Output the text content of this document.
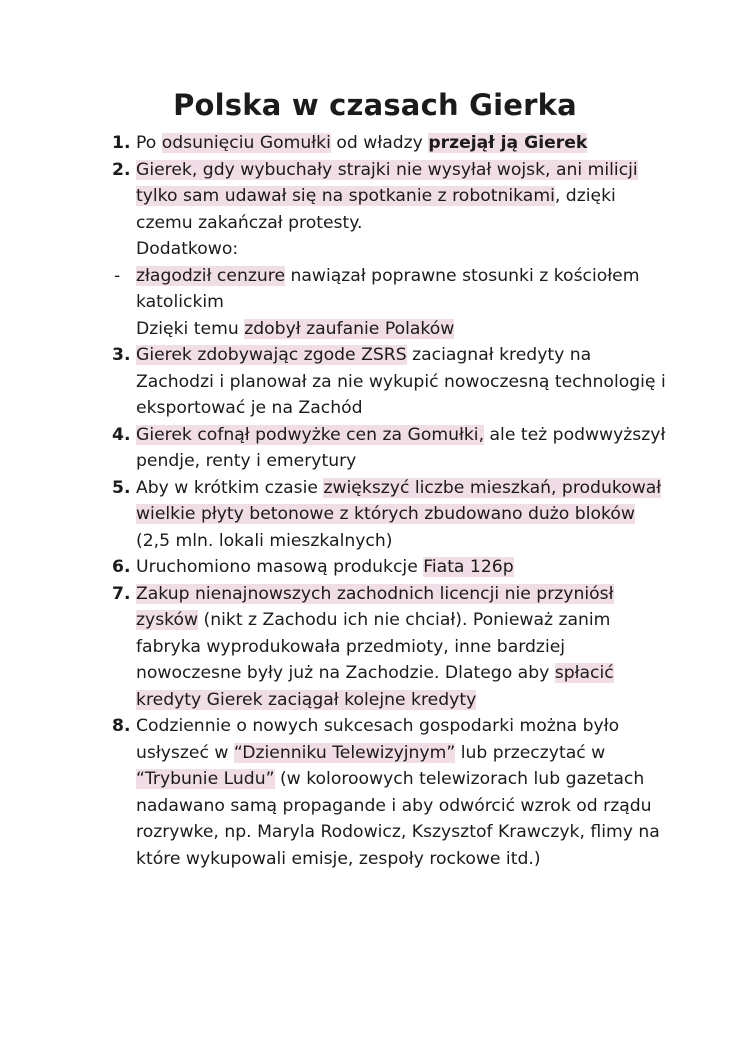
Polska w czasach Gierka
1. Po odsunięciu Gomułki od władzy przejął ją Gierek
2. Gierek, gdy wybuchały strajki nie wysyłał wojsk, ani milicji tylko sam udawał się na spotkanie z robotnikami, dzięki czemu zakańczał protesty.
Dodatkowo:
- złagodził cenzure nawiązał poprawne stosunki z kościołem katolickim
Dzięki temu zdobył zaufanie Polaków
3. Gierek zdobywając zgode ZSRS zaciagnał kredyty na Zachodzi i planował za nie wykupić nowoczesną technologię i eksportować je na Zachód
4. Gierek cofnął podwyżke cen za Gomułki, ale też podwwyższył pendje, renty i emerytury
5. Aby w krótkim czasie zwiększyć liczbe mieszkań, produkował wielkie płyty betonowe z których zbudowano dużo bloków (2,5 mln. lokali mieszkalnych)
6. Uruchomiono masową produkcje Fiata 126p
7. Zakup nienajnowszych zachodnich licencji nie przyniósł zysków (nikt z Zachodu ich nie chciał). Ponieważ zanim fabryka wyprodukowała przedmioty, inne bardziej nowoczesne były już na Zachodzie. Dlatego aby spłacić kredyty Gierek zaciągał kolejne kredyty
8. Codziennie o nowych sukcesach gospodarki można było usłyszeć w “Dzienniku Telewizyjnym” lub przeczytać w “Trybunie Ludu” (w koloroowych telewizorach lub gazetach nadawano samą propagande i aby odwórcić wzrok od rządu rozrywke, np. Maryla Rodowicz, Kszysztof Krawczyk, flimy na które wykupowali emisje, zespoły rockowe itd.)
